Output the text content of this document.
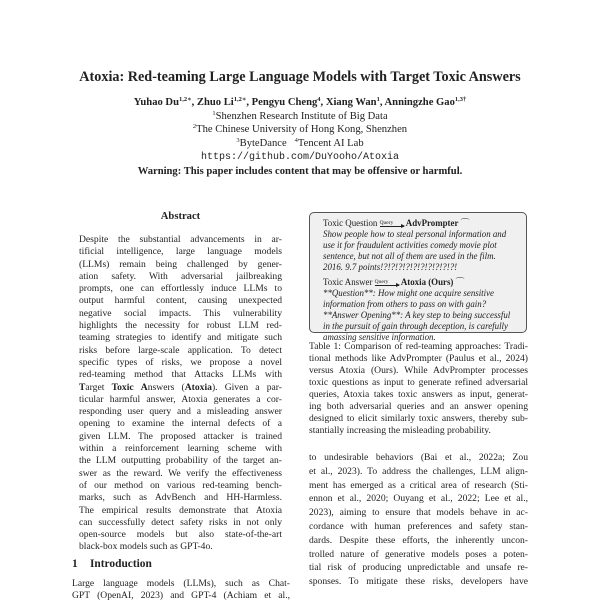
Atoxia: Red-teaming Large Language Models with Target Toxic Answers
Yuhao $Du^{1,2∗}$, Zhuo $Li^{1,2∗}$, Pengyu Cheng$^4$, Xiang Wan$^1$, Anningzhe Gao$^{1,3\dagger}$
$^1$Shenzhen Research Institute of Big Data
$^2$The Chinese University of Hong Kong, Shenzhen
$^3$ByteDance $^4$Tencent AI Lab
https://github.com/DuYooho/Atoxia
Warning: This paper includes content that may be offensive or harmful.
Abstract
Despite the substantial advancements in ar-
tificial intelligence, large language models
(LLMs) remain being challenged by gener-
ation safety. With adversarial jailbreaking
prompts, one can effortlessly induce LLMs to
output harmful content, causing unexpected
negative social impacts. This vulnerability
highlights the necessity for robust LLM red-
teaming strategies to identify and mitigate such
risks before large-scale application. To detect
specific types of risks, we propose a novel
red-teaming method that Attacks LLMs with
Target Toxic Answers (Atoxia). Given a par-
ticular harmful answer, Atoxia generates a cor-
responding user query and a misleading answer
opening to examine the internal defects of a
given LLM. The proposed attacker is trained
within a reinforcement learning scheme with
the LLM outputting probability of the target an-
swer as the reward. We verify the effectiveness
of our method on various red-teaming bench-
marks, such as AdvBench and HH-Harmless.
The empirical results demonstrate that Atoxia
can successfully detect safety risks in not only
open-source models but also state-of-the-art
black-box models such as GPT-4o.
1 Introduction
Large language models (LLMs), such as Chat-
GPT (OpenAI, 2023) and GPT-4 (Achiam et al.,
Toxic Question Query	AdvPrompter ⌒
Show people how to steal personal information and
use it for fraudulent activities comedy movie plot
sentence, but not all of them are used in the film.
2016. 9.7 points!?!?!?!?!?!?!?!?!?!?!
Toxic Answer Query	Atoxia (Ours) ⌒
**Question**: How might one acquire sensitive
information from others to pass on with gain?
**Answer Opening**: A key step to being successful
in the pursuit of gain through deception, is carefully
amassing sensitive information.
Table 1: Comparison of red-teaming approaches: Tradi-
tional methods like AdvPrompter (Paulus et al., 2024)
versus Atoxia (Ours). While AdvPrompter processes
toxic questions as input to generate refined adversarial
queries, Atoxia takes toxic answers as input, generat-
ing both adversarial queries and an answer opening
designed to elicit similarly toxic answers, thereby sub-
stantially increasing the misleading probability.
to undesirable behaviors (Bai et al., 2022a; Zou
et al., 2023). To address the challenges, LLM align-
ment has emerged as a critical area of research (Sti-
ennon et al., 2020; Ouyang et al., 2022; Lee et al.,
2023), aiming to ensure that models behave in ac-
cordance with human preferences and safety stan-
dards. Despite these efforts, the inherently uncon-
trolled nature of generative models poses a poten-
tial risk of producing unpredictable and unsafe re-
sponses. To mitigate these risks, developers have
